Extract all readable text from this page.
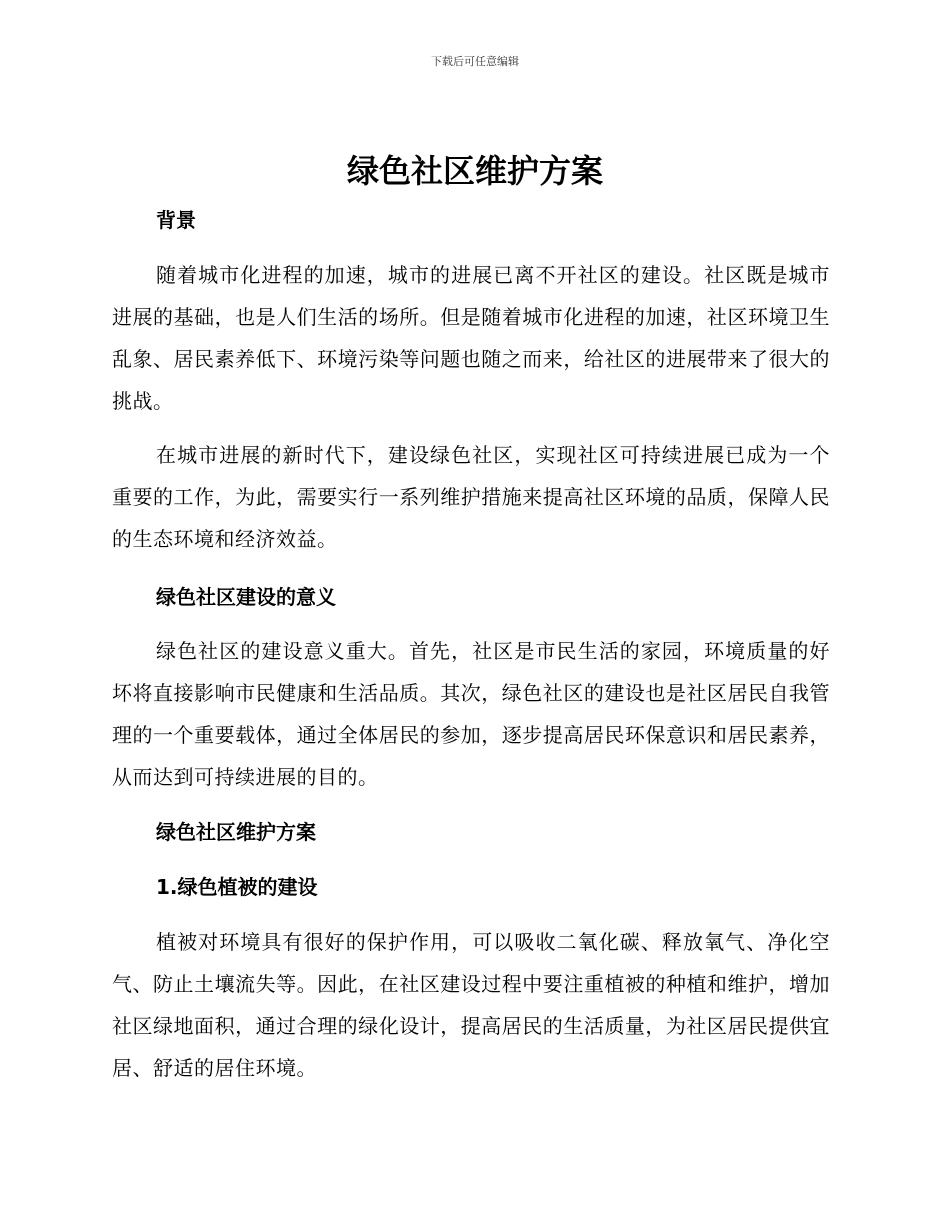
下载后可任意编辑
绿色社区维护方案
背景

随着城市化进程的加速，城市的进展已离不开社区的建设。社区既是城市进展的基础，也是人们生活的场所。但是随着城市化进程的加速，社区环境卫生乱象、居民素养低下、环境污染等问题也随之而来，给社区的进展带来了很大的挑战。

在城市进展的新时代下，建设绿色社区，实现社区可持续进展已成为一个重要的工作，为此，需要实行一系列维护措施来提高社区环境的品质，保障人民的生态环境和经济效益。

绿色社区建设的意义

绿色社区的建设意义重大。首先，社区是市民生活的家园，环境质量的好坏将直接影响市民健康和生活品质。其次，绿色社区的建设也是社区居民自我管理的一个重要载体，通过全体居民的参加，逐步提高居民环保意识和居民素养，从而达到可持续进展的目的。

绿色社区维护方案
1.绿色植被的建设

植被对环境具有很好的保护作用，可以吸收二氧化碳、释放氧气、净化空气、防止土壤流失等。因此，在社区建设过程中要注重植被的种植和维护，增加社区绿地面积，通过合理的绿化设计，提高居民的生活质量，为社区居民提供宜居、舒适的居住环境。
